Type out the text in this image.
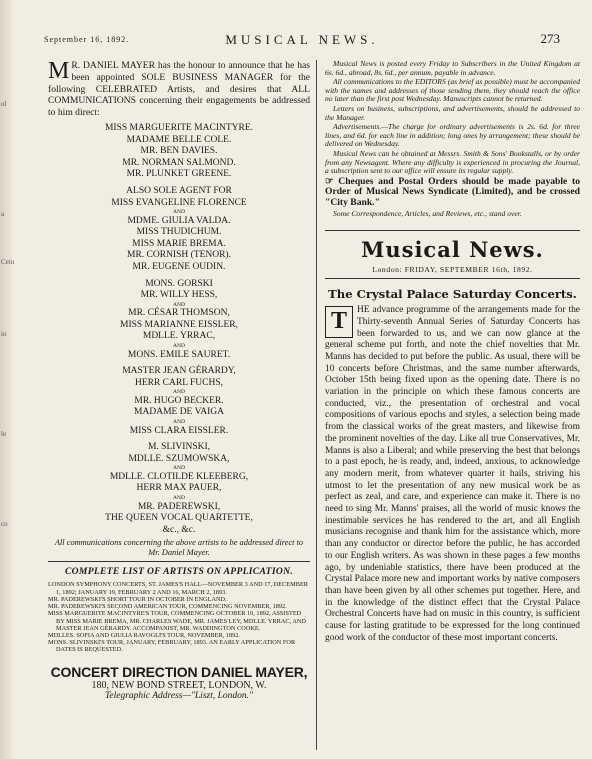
ol
a
io
le
co
Cein
September 16, 1892.	MUSICAL NEWS.	273

M R. DANIEL MAYER has the honour to announce that he has been appointed SOLE BUSINESS MANAGER for the following CELEBRATED Artists, and desires that ALL COMMUNICATIONS concerning their engagements be addressed to him direct:

MISS MARGUERITE MACINTYRE.
MADAME BELLE COLE.
MR. BEN DAVIES.
MR. NORMAN SALMOND.
MR. PLUNKET GREENE.
ALSO SOLE AGENT FOR
MISS EVANGELINE FLORENCE
AND
MDME. GIULIA VALDA.
MISS THUDICHUM.
MISS MARIE BREMA.
MR. CORNISH (TENOR).
MR. EUGENE OUDIN.
MONS. GORSKI
MR. WILLY HESS,
AND
MR. CÉSAR THOMSON,
MISS MARIANNE EISSLER,
MDLLE. YRRAC,
AND
MONS. EMILE SAURET.
MASTER JEAN GÉRARDY,
HERR CARL FUCHS,
AND
MR. HUGO BECKER.
MADAME DE VAIGA
AND
MISS CLARA EISSLER.
M. SLIVINSKI,
MDLLE. SZUMOWSKA,
AND
MDLLE. CLOTILDE KLEEBERG,
HERR MAX PAUER,
AND
MR. PADEREWSKI,
THE QUEEN VOCAL QUARTETTE,
&c., &c.

All communications concerning the above artists to be addressed direct to Mr. Daniel Mayer.

COMPLETE LIST OF ARTISTS ON APPLICATION.
LONDON SYMPHONY CONCERTS, ST. JAMES'S HALL—NOVEMBER 3 AND 17, DECEMBER 1, 1892; JANUARY 19, FEBRUARY 2 AND 16, MARCH 2, 1893.
MR. PADEREWSKI'S SHORT TOUR IN OCTOBER IN ENGLAND.
MR. PADEREWSKI'S SECOND AMERICAN TOUR, COMMENCING NOVEMBER, 1892.
MISS MARGUERITE MACINTYRE'S TOUR, COMMENCING OCTOBER 10, 1892, ASSISTED BY MISS MARIE BREMA, MR. CHARLES WADE, MR. JAMES LEY, MDLLE. YRRAC, AND MASTER JEAN GÉRARDY. ACCOMPANIST, MR. WADDINGTON COOKE.
MDLLES. SOFIA AND GIULIA RAVOGLI'S TOUR, NOVEMBER, 1892.
MONS. SLIVINSKI'S TOUR, JANUARY, FEBRUARY, 1893. AN EARLY APPLICATION FOR DATES IS REQUESTED.
CONCERT DIRECTION DANIEL MAYER,
180, NEW BOND STREET, LONDON, W.
Telegraphic Address—"Liszt, London."

Musical News is posted every Friday to Subscribers in the United Kingdom at 6s. 6d., abroad, 8s. 6d., per annum, payable in advance.

All communications to the EDITORS (as brief as possible) must be accompanied with the names and addresses of those sending them, they should reach the office no later than the first post Wednesday. Manuscripts cannot be returned.

Letters on business, subscriptions, and advertisements, should be addressed to the Manager.

Advertisements.—The charge for ordinary advertisements is 2s. 6d. for three lines, and 6d. for each line in addition; long ones by arrangement; these should be delivered on Wednesday.

Musical News can be obtained at Messrs. Smith & Sons' Bookstalls, or by order from any Newsagent. Where any difficulty is experienced in procuring the Journal, a subscription sent to our office will ensure its regular supply.

☞ Cheques and Postal Orders should be made payable to Order of Musical News Syndicate (Limited), and be crossed "City Bank."

Some Correspondence, Articles, and Reviews, etc., stand over.

Musical News.
London: FRIDAY, SEPTEMBER 16th, 1892.
The Crystal Palace Saturday Concerts.

T	HE advance programme of the arrangements made for the Thirty-seventh Annual Series of Saturday Concerts has been forwarded to us, and we can now glance at the general scheme put forth, and note the chief novelties that Mr. Manns has decided to put before the public. As usual, there will be 10 concerts before Christmas, and the same number afterwards, October 15th being fixed upon as the opening date. There is no variation in the principle on which these famous concerts are conducted, viz., the presentation of orchestral and vocal compositions of various epochs and styles, a selection being made from the classical works of the great masters, and likewise from the prominent novelties of the day. Like all true Conservatives, Mr. Manns is also a Liberal; and while preserving the best that belongs to a past epoch, he is ready, and, indeed, anxious, to acknowledge any modern merit, from whatever quarter it hails, striving his utmost to let the presentation of any new musical work be as perfect as zeal, and care, and experience can make it. There is no need to sing Mr. Manns' praises, all the world of music knows the inestimable services he has rendered to the art, and all English musicians recognise and thank him for the assistance which, more than any conductor or director before the public, he has accorded to our English writers. As was shown in these pages a few months ago, by undeniable statistics, there have been produced at the Crystal Palace more new and important works by native composers than have been given by all other schemes put together. Here, and in the knowledge of the distinct effect that the Crystal Palace Orchestral Concerts have had on music in this country, is sufficient cause for lasting gratitude to be expressed for the long continued good work of the conductor of these most important concerts.
